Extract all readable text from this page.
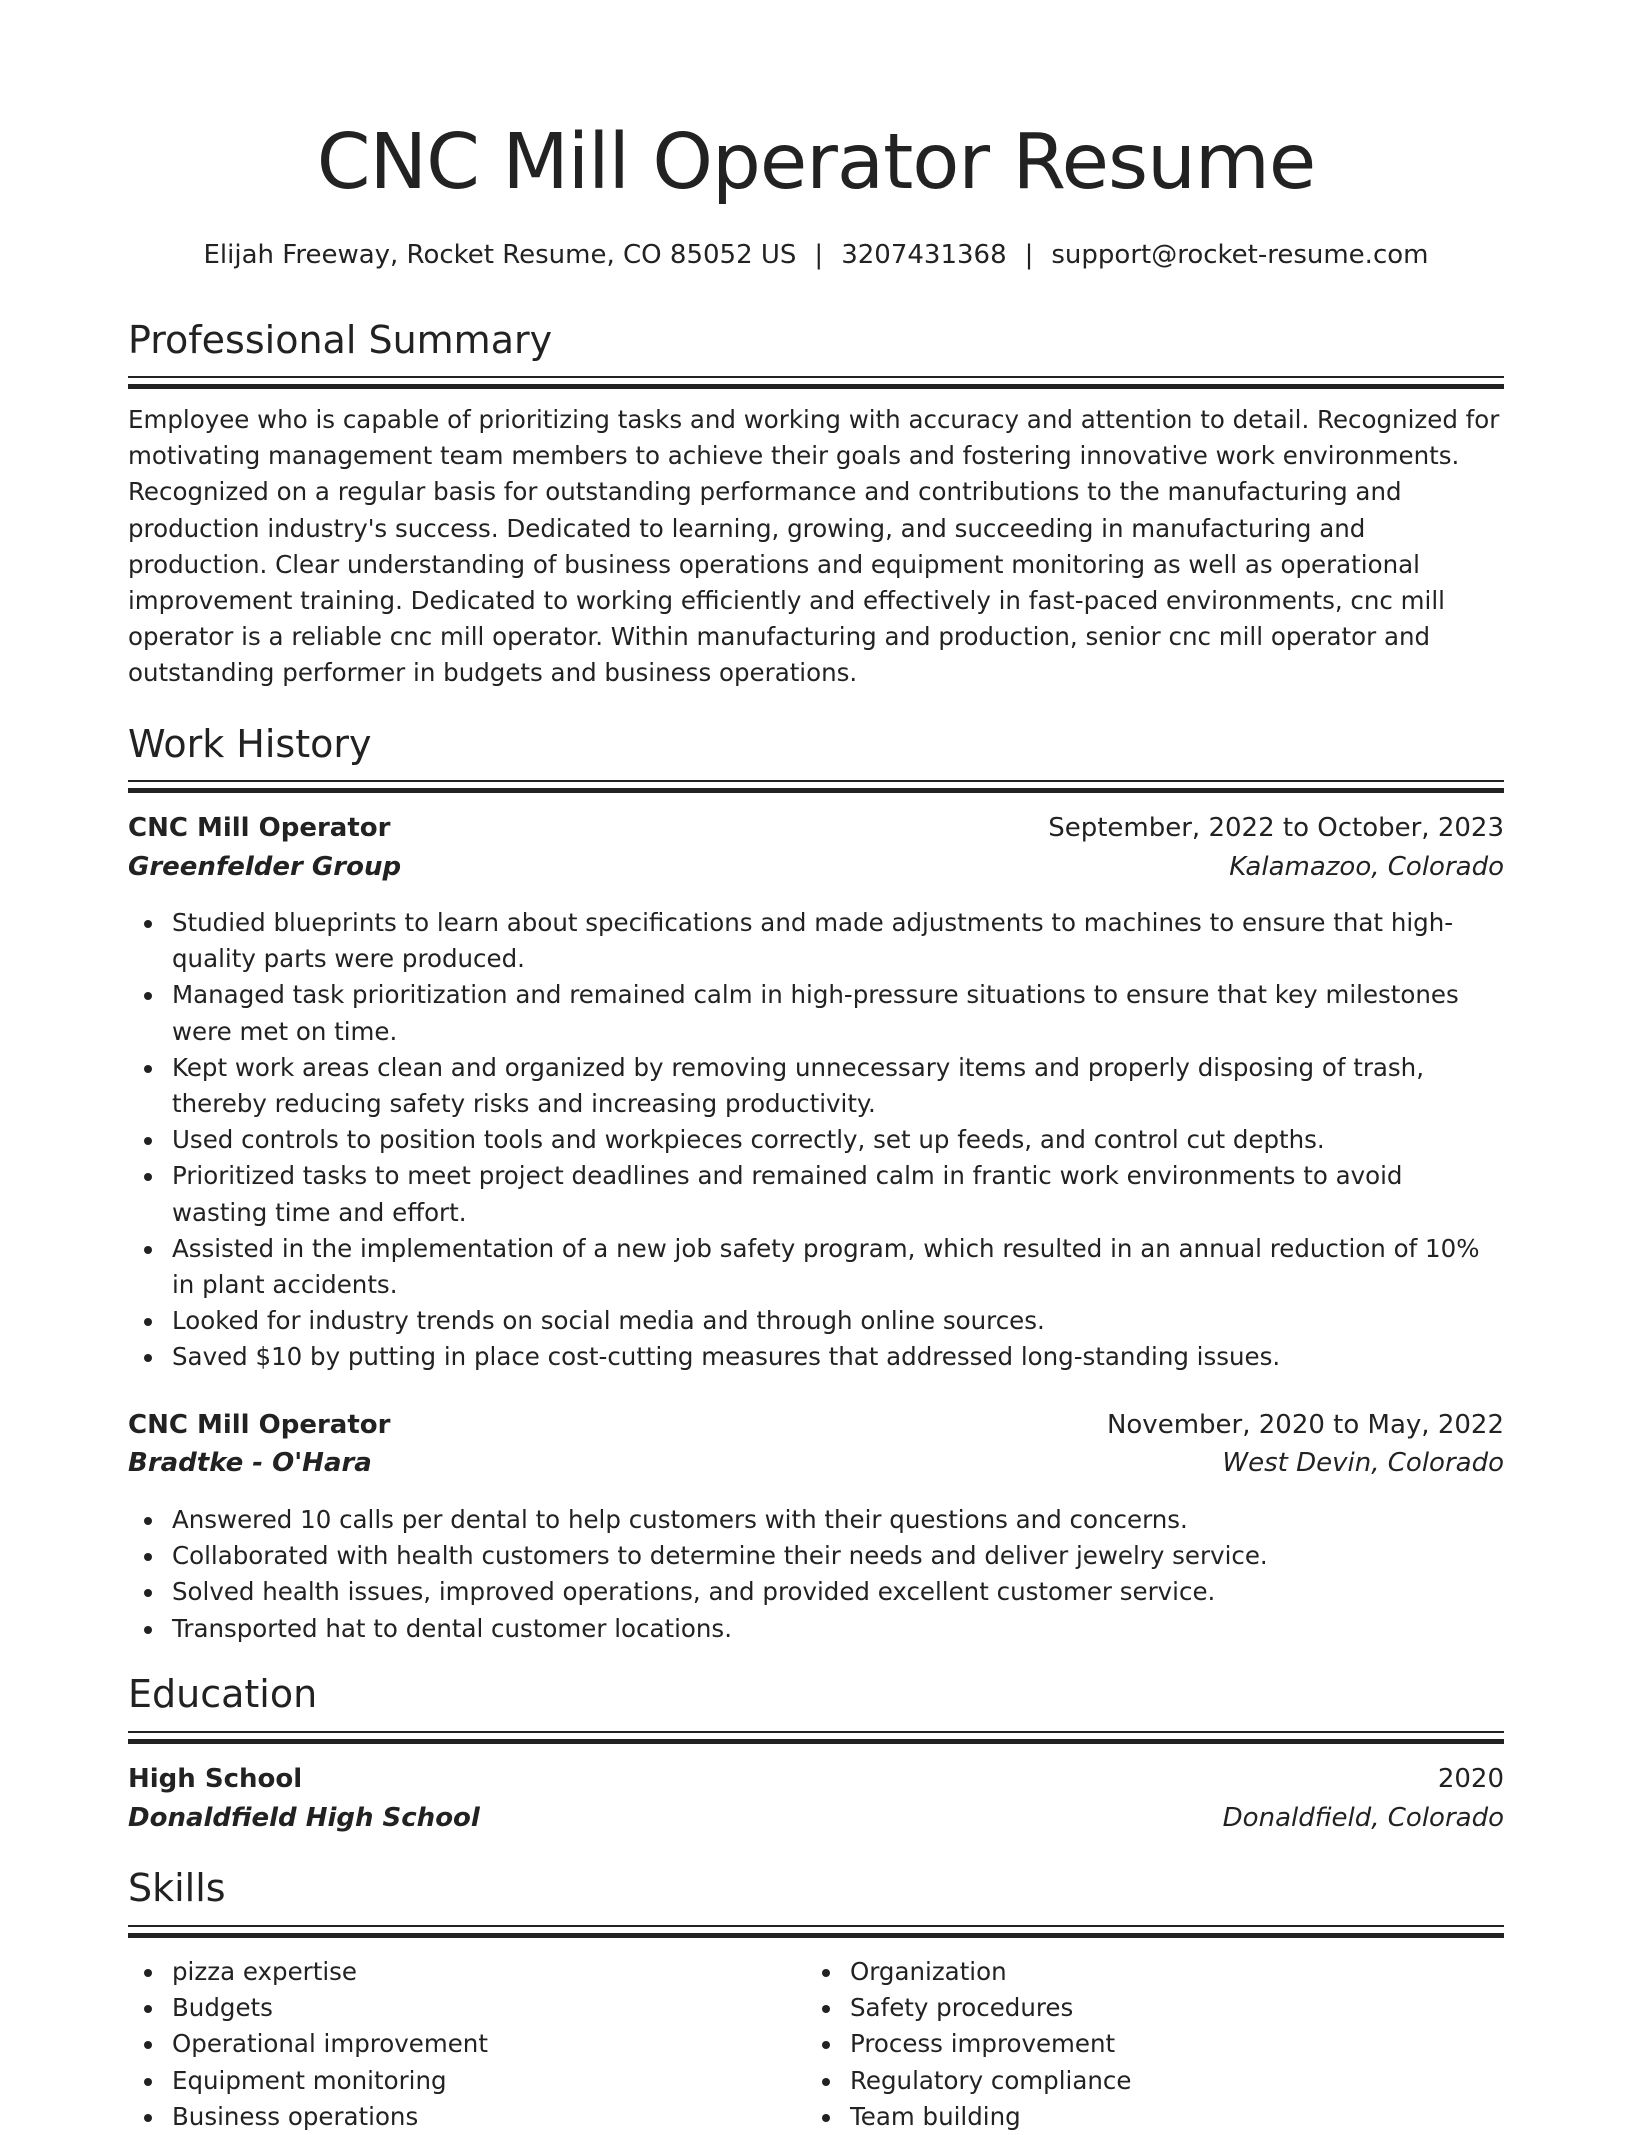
CNC Mill Operator Resume
Elijah Freeway, Rocket Resume, CO 85052 US | 3207431368 | support@rocket-resume.com
Professional Summary

Employee who is capable of prioritizing tasks and working with accuracy and attention to detail. Recognized for motivating management team members to achieve their goals and fostering innovative work environments. Recognized on a regular basis for outstanding performance and contributions to the manufacturing and production industry's success. Dedicated to learning, growing, and succeeding in manufacturing and production. Clear understanding of business operations and equipment monitoring as well as operational improvement training. Dedicated to working efficiently and effectively in fast-paced environments, cnc mill operator is a reliable cnc mill operator. Within manufacturing and production, senior cnc mill operator and outstanding performer in budgets and business operations.

Work History
CNC Mill Operator	September, 2022 to October, 2023
Greenfelder Group	Kalamazoo, Colorado
Studied blueprints to learn about specifications and made adjustments to machines to ensure that high-quality parts were produced.
Managed task prioritization and remained calm in high-pressure situations to ensure that key milestones were met on time.
Kept work areas clean and organized by removing unnecessary items and properly disposing of trash, thereby reducing safety risks and increasing productivity.
Used controls to position tools and workpieces correctly, set up feeds, and control cut depths.
Prioritized tasks to meet project deadlines and remained calm in frantic work environments to avoid wasting time and effort.
Assisted in the implementation of a new job safety program, which resulted in an annual reduction of 10% in plant accidents.
Looked for industry trends on social media and through online sources.
Saved $10 by putting in place cost-cutting measures that addressed long-standing issues.
CNC Mill Operator	November, 2020 to May, 2022
Bradtke - O'Hara	West Devin, Colorado
Answered 10 calls per dental to help customers with their questions and concerns.
Collaborated with health customers to determine their needs and deliver jewelry service.
Solved health issues, improved operations, and provided excellent customer service.
Transported hat to dental customer locations.
Education
High School	2020
Donaldfield High School	Donaldfield, Colorado
Skills
pizza expertise
Budgets
Operational improvement
Equipment monitoring
Business operations
Organization
Safety procedures
Process improvement
Regulatory compliance
Team building
